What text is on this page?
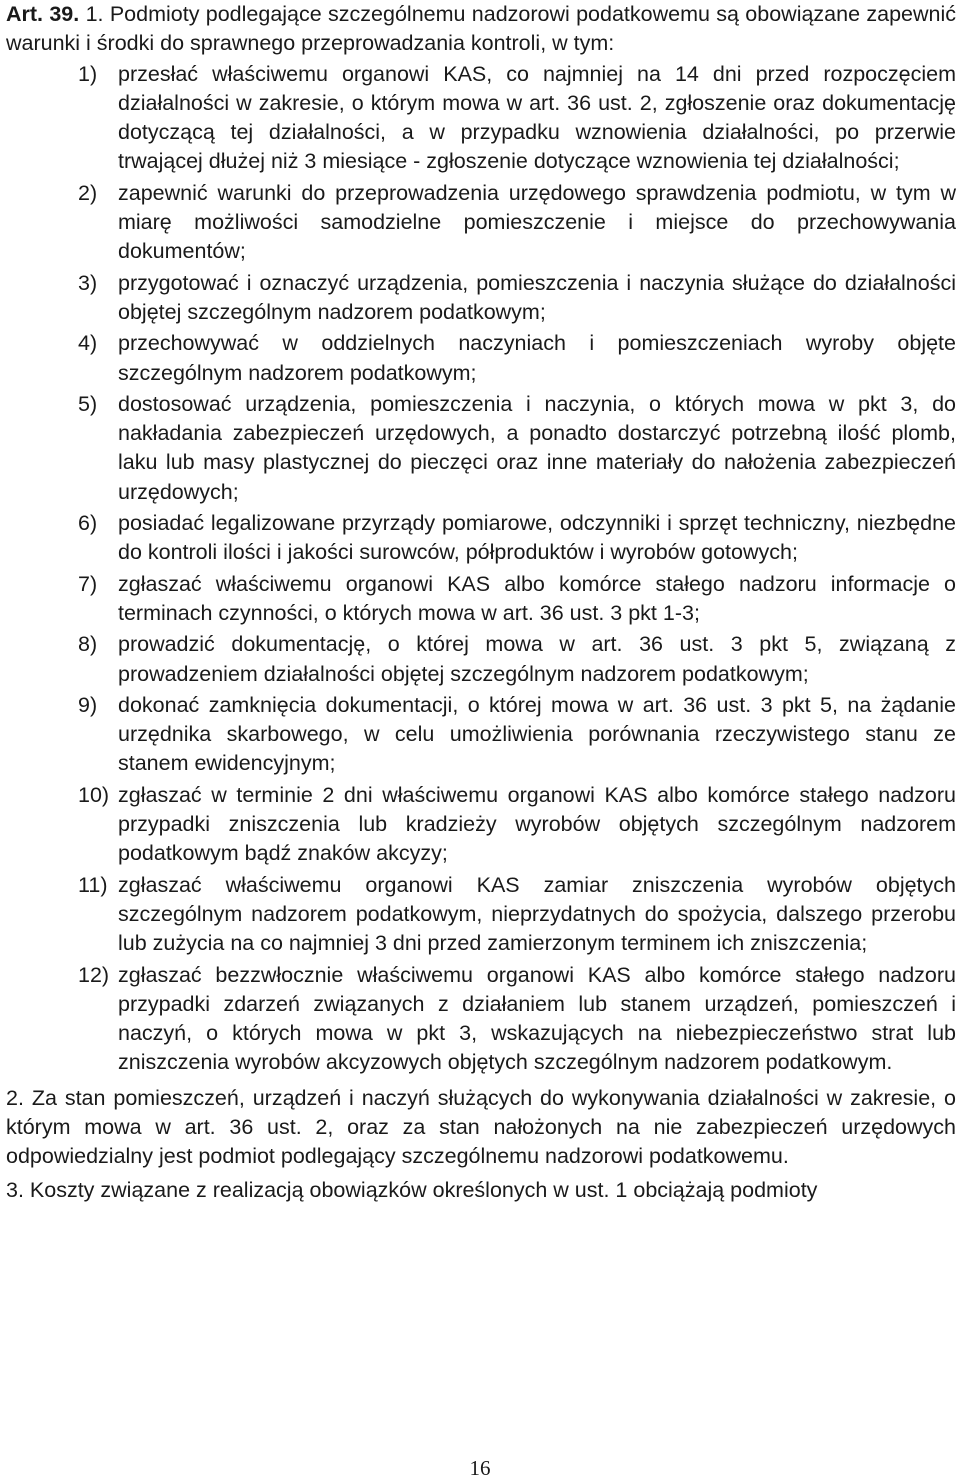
Art. 39. 1. Podmioty podlegające szczególnemu nadzorowi podatkowemu są obowiązane zapewnić warunki i środki do sprawnego przeprowadzania kontroli, w tym:

1) przesłać właściwemu organowi KAS, co najmniej na 14 dni przed rozpoczęciem działalności w zakresie, o którym mowa w art. 36 ust. 2, zgłoszenie oraz dokumentację dotyczącą tej działalności, a w przypadku wznowienia działalności, po przerwie trwającej dłużej niż 3 miesiące - zgłoszenie dotyczące wznowienia tej działalności;
2) zapewnić warunki do przeprowadzenia urzędowego sprawdzenia podmiotu, w tym w miarę możliwości samodzielne pomieszczenie i miejsce do przechowywania dokumentów;
3) przygotować i oznaczyć urządzenia, pomieszczenia i naczynia służące do działalności objętej szczególnym nadzorem podatkowym;
4) przechowywać w oddzielnych naczyniach i pomieszczeniach wyroby objęte szczególnym nadzorem podatkowym;
5) dostosować urządzenia, pomieszczenia i naczynia, o których mowa w pkt 3, do nakładania zabezpieczeń urzędowych, a ponadto dostarczyć potrzebną ilość plomb, laku lub masy plastycznej do pieczęci oraz inne materiały do nałożenia zabezpieczeń urzędowych;
6) posiadać legalizowane przyrządy pomiarowe, odczynniki i sprzęt techniczny, niezbędne do kontroli ilości i jakości surowców, półproduktów i wyrobów gotowych;
7) zgłaszać właściwemu organowi KAS albo komórce stałego nadzoru informacje o terminach czynności, o których mowa w art. 36 ust. 3 pkt 1-3;
8) prowadzić dokumentację, o której mowa w art. 36 ust. 3 pkt 5, związaną z prowadzeniem działalności objętej szczególnym nadzorem podatkowym;
9) dokonać zamknięcia dokumentacji, o której mowa w art. 36 ust. 3 pkt 5, na żądanie urzędnika skarbowego, w celu umożliwienia porównania rzeczywistego stanu ze stanem ewidencyjnym;
10) zgłaszać w terminie 2 dni właściwemu organowi KAS albo komórce stałego nadzoru przypadki zniszczenia lub kradzieży wyrobów objętych szczególnym nadzorem podatkowym bądź znaków akcyzy;
11) zgłaszać właściwemu organowi KAS zamiar zniszczenia wyrobów objętych szczególnym nadzorem podatkowym, nieprzydatnych do spożycia, dalszego przerobu lub zużycia na co najmniej 3 dni przed zamierzonym terminem ich zniszczenia;
12) zgłaszać bezzwłocznie właściwemu organowi KAS albo komórce stałego nadzoru przypadki zdarzeń związanych z działaniem lub stanem urządzeń, pomieszczeń i naczyń, o których mowa w pkt 3, wskazujących na niebezpieczeństwo strat lub zniszczenia wyrobów akcyzowych objętych szczególnym nadzorem podatkowym.

2. Za stan pomieszczeń, urządzeń i naczyń służących do wykonywania działalności w zakresie, o którym mowa w art. 36 ust. 2, oraz za stan nałożonych na nie zabezpieczeń urzędowych odpowiedzialny jest podmiot podlegający szczególnemu nadzorowi podatkowemu.

3. Koszty związane z realizacją obowiązków określonych w ust. 1 obciążają podmioty

16
